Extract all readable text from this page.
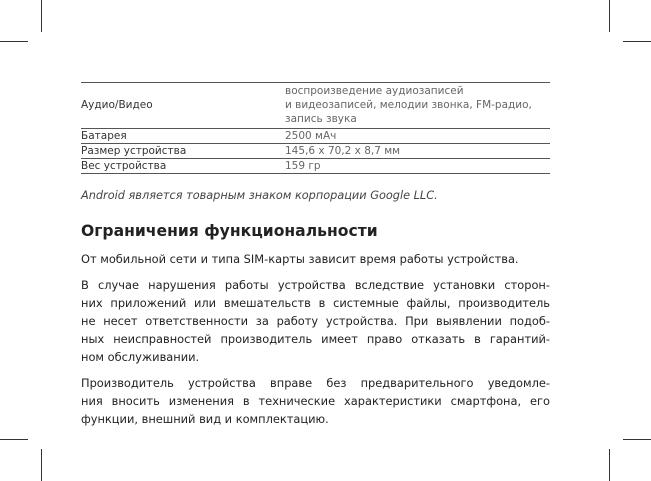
Аудио/Видео	воспроизведение аудиозаписей
и видеозаписей, мелодии звонка, FM-радио,
запись звука

Батарея	2500 мАч
Размер устройства	145,6 х 70,2 х 8,7 мм
Вес устройства	159 гр
Android является товарным знаком корпорации Google LLC.
Ограничения функциональности

От мобильной сети и типа SIM-карты зависит время работы устройства.

В случае нарушения работы устройства вследствие установки сторон-
них приложений или вмешательств в системные файлы, производитель
не несет ответственности за работу устройства. При выявлении подоб-
ных неисправностей производитель имеет право отказать в гарантий-
ном обслуживании.

Производитель устройства вправе без предварительного уведомле-
ния вносить изменения в технические характеристики смартфона, его
функции, внешний вид и комплектацию.
